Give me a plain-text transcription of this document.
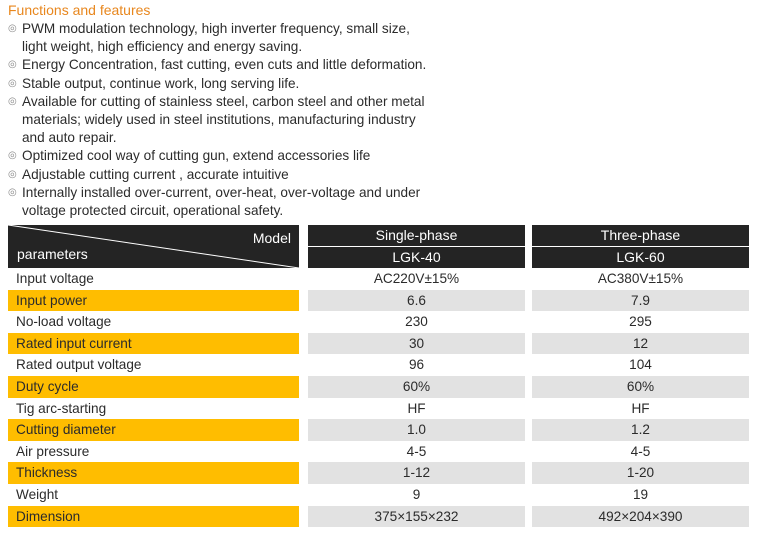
Functions and features
◎ PWM modulation technology, high inverter frequency, small size,
light weight, high efficiency and energy saving.
◎ Energy Concentration, fast cutting, even cuts and little deformation.
◎ Stable output, continue work, long serving life.
◎ Available for cutting of stainless steel, carbon steel and other metal
materials; widely used in steel institutions, manufacturing industry
and auto repair.
◎ Optimized cool way of cutting gun, extend accessories life
◎ Adjustable cutting current , accurate intuitive
◎ Internally installed over-current, over-heat, over-voltage and under
voltage protected circuit, operational safety.
Model
parameters
Single-phase	Three-phase
LGK-40	LGK-60
Input voltage	AC220V±15%	AC380V±15%
Input power	6.6	7.9
No-load voltage	230	295
Rated input current	30	12
Rated output voltage	96	104
Duty cycle	60%	60%
Tig arc-starting	HF	HF
Cutting diameter	1.0	1.2
Air pressure	4-5	4-5
Thickness	1-12	1-20
Weight	9	19
Dimension	375×155×232	492×204×390
